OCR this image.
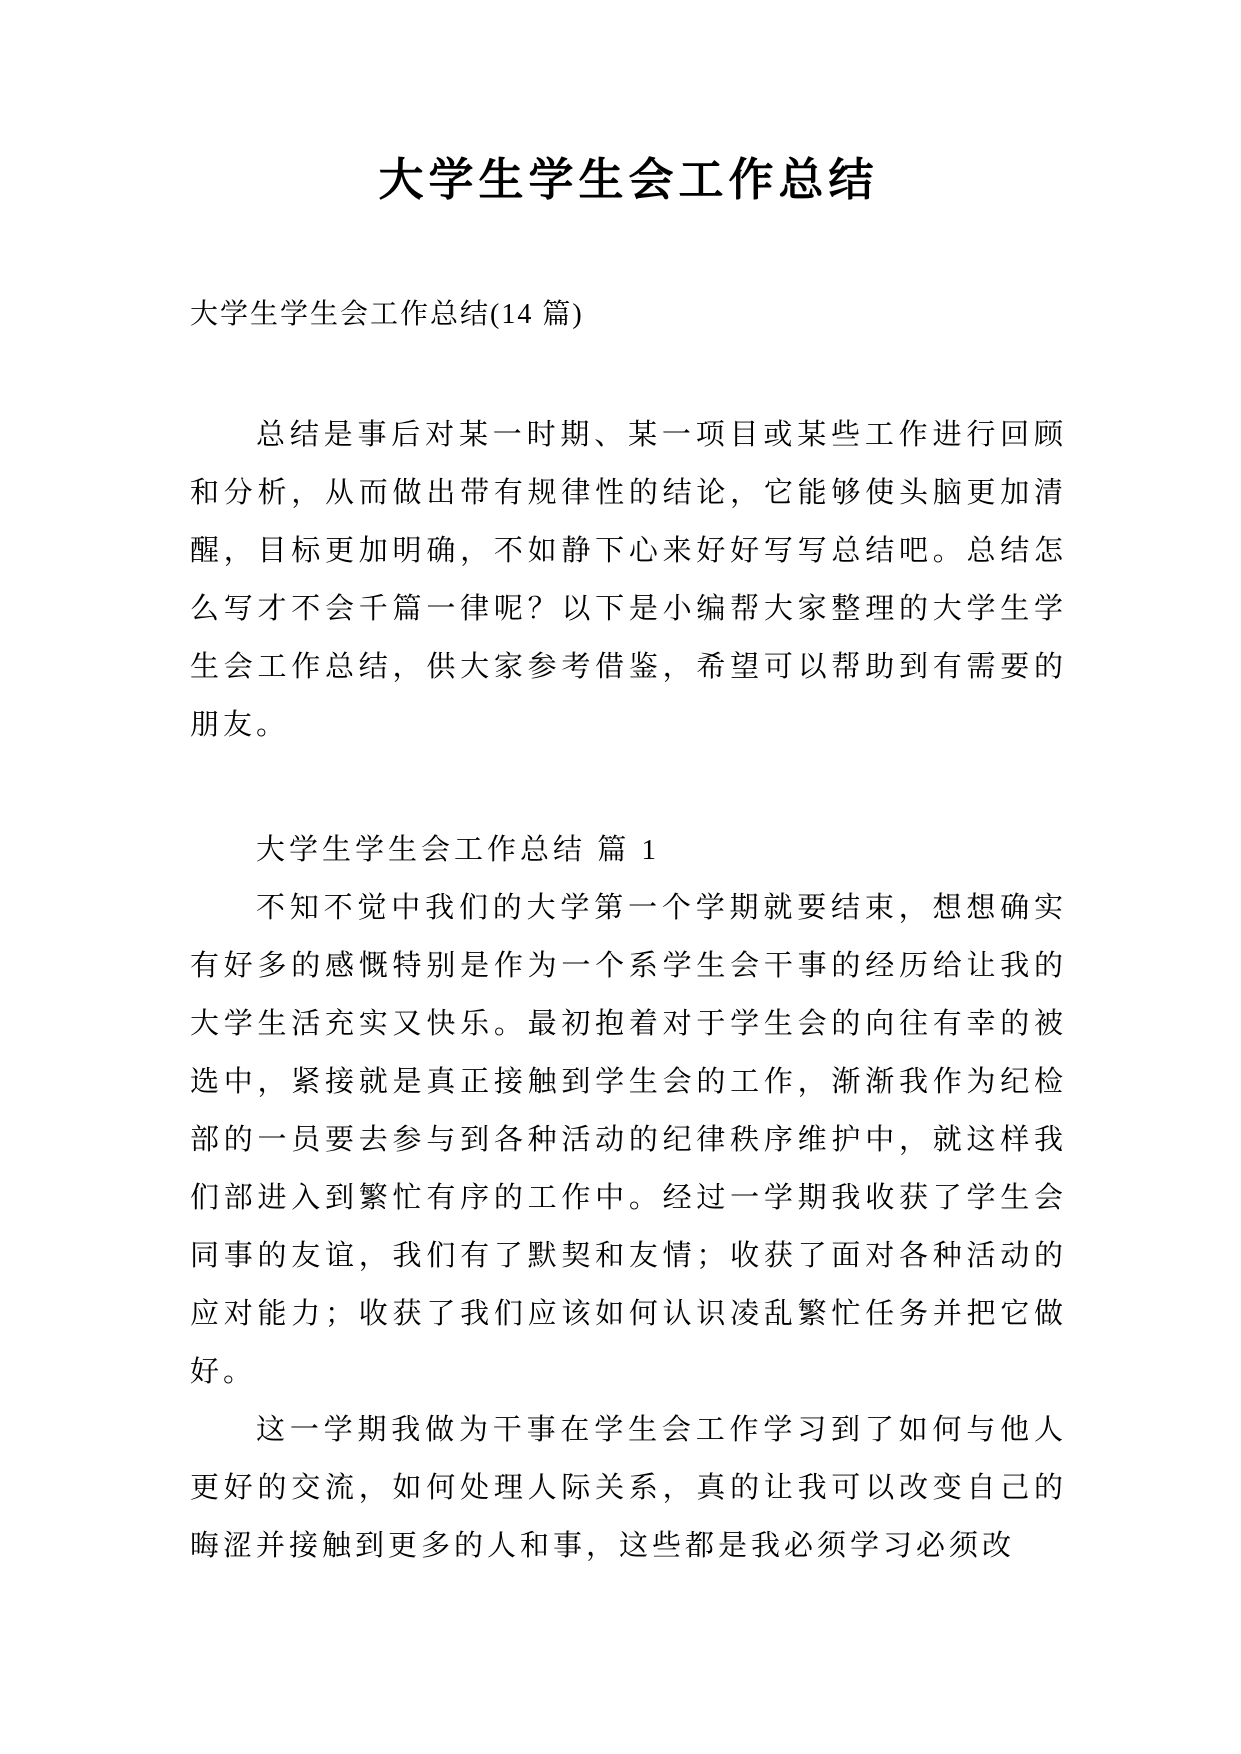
大学生学生会工作总结
大学生学生会工作总结(14 篇)

总结是事后对某一时期、某一项目或某些工作进行回顾和分析，从而做出带有规律性的结论，它能够使头脑更加清醒，目标更加明确，不如静下心来好好写写总结吧。总结怎么写才不会千篇一律呢？以下是小编帮大家整理的大学生学生会工作总结，供大家参考借鉴，希望可以帮助到有需要的朋友。

大学生学生会工作总结 篇 1

不知不觉中我们的大学第一个学期就要结束，想想确实有好多的感慨特别是作为一个系学生会干事的经历给让我的大学生活充实又快乐。最初抱着对于学生会的向往有幸的被选中，紧接就是真正接触到学生会的工作，渐渐我作为纪检部的一员要去参与到各种活动的纪律秩序维护中，就这样我们部进入到繁忙有序的工作中。经过一学期我收获了学生会同事的友谊，我们有了默契和友情；收获了面对各种活动的应对能力；收获了我们应该如何认识凌乱繁忙任务并把它做好。

这一学期我做为干事在学生会工作学习到了如何与他人更好的交流，如何处理人际关系，真的让我可以改变自己的晦涩并接触到更多的人和事，这些都是我必须学习必须改
